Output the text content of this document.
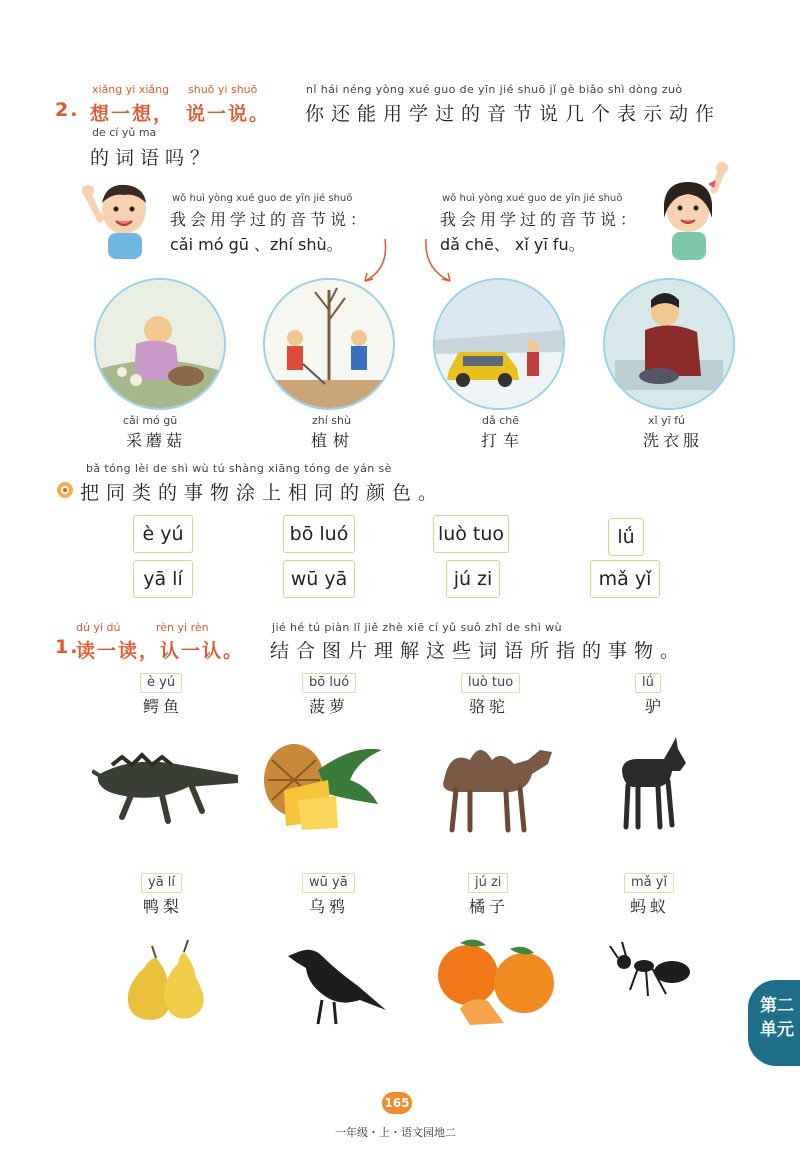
xiǎng yi xiǎng shuō yi shuō	nǐ hái néng yòng xué guo de yīn jié shuō jǐ gè biǎo shì dòng zuò
2. 想一想， 说一说。 你还能用学过的音节说几个表示动作
de cí yǔ ma
的词语吗？
wǒ huì yòng xué guo de yīn jié shuō
我会用学过的音节说：
cǎi mó gū 、zhí shù。
wǒ huì yòng xué guo de yīn jié shuō
我会用学过的音节说：
dǎ chē、 xǐ yī fu。
cǎi mó gū
采蘑菇
zhí shù
植树
dǎ chē
打车
xǐ yī fú
洗衣服
bǎ tóng lèi de shì wù tú shàng xiāng tóng de yán sè
把同类的事物涂上相同的颜色。
è yú	bō luó	luò tuo	lǘ
yā lí	wū yā	jú zi	mǎ yǐ
dú yi dú	rèn yi rèn	jié hé tú piàn lǐ jiě zhè xiē cí yǔ suǒ zhǐ de shì wù
1.
读一读，认一认。 结合图片理解这些词语所指的事物。
è yú
鳄鱼
bō luó
菠萝
luò tuo
骆驼
lǘ
驴
yā lí
鸭梨
wū yā
乌鸦
jú zi
橘子
mǎ yǐ
蚂蚁
第二
单元
165
一年级・上・语文园地二
